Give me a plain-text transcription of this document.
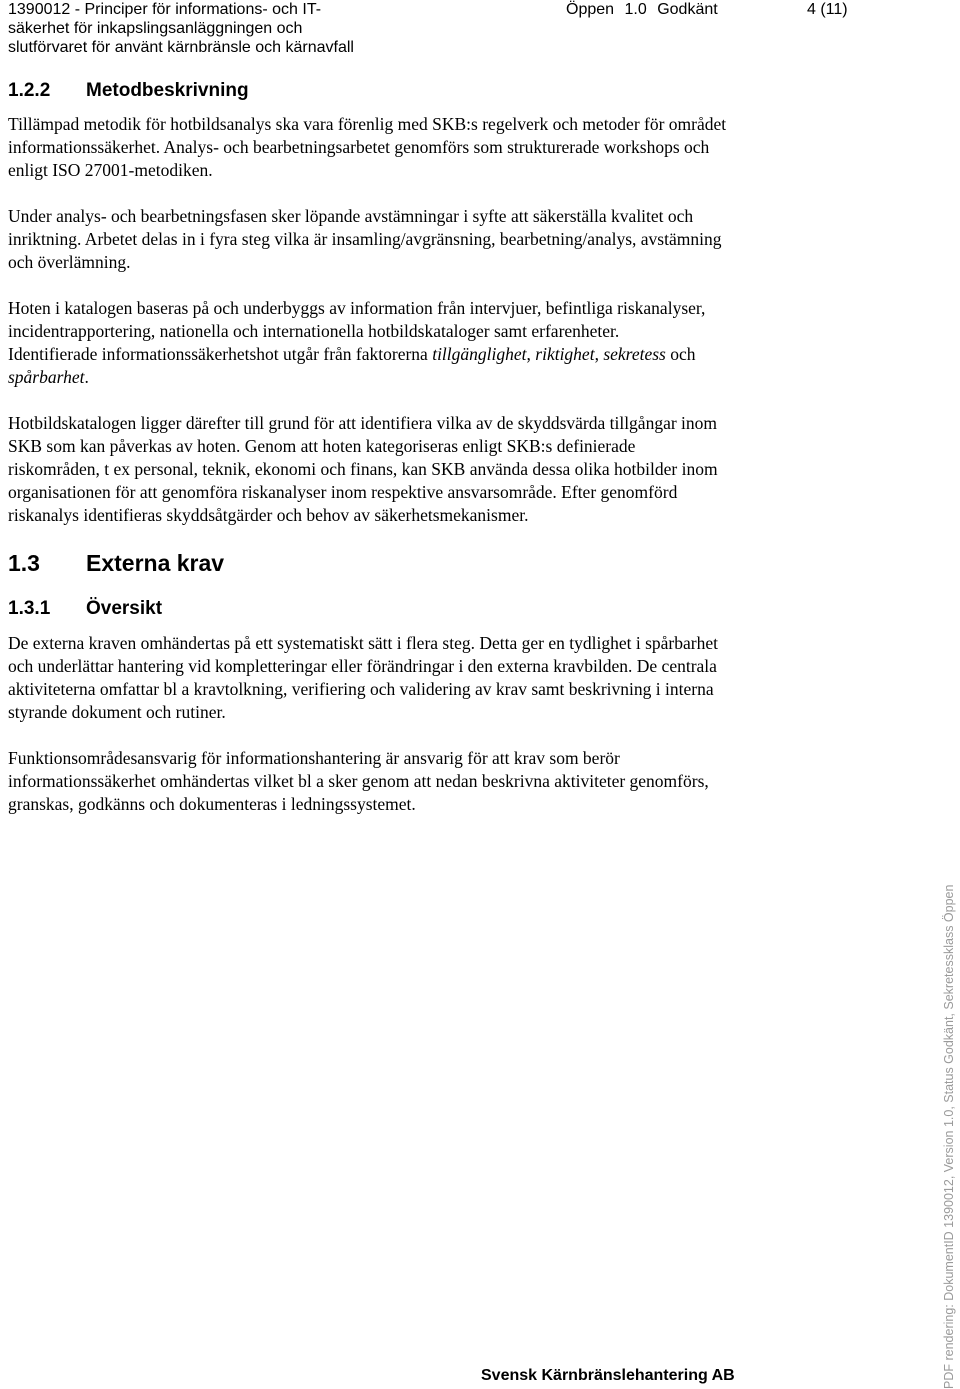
1390012 - Principer för informations- och IT-
säkerhet för inkapslingsanläggningen och
slutförvaret för använt kärnbränsle och kärnavfall
Öppen 1.0 Godkänt	4 (11)
1.2.2 Metodbeskrivning
Tillämpad metodik för hotbildsanalys ska vara förenlig med SKB:s regelverk och metoder för området
informationssäkerhet. Analys- och bearbetningsarbetet genomförs som strukturerade workshops och
enligt ISO 27001-metodiken.
Under analys- och bearbetningsfasen sker löpande avstämningar i syfte att säkerställa kvalitet och
inriktning. Arbetet delas in i fyra steg vilka är insamling/avgränsning, bearbetning/analys, avstämning
och överlämning.
Hoten i katalogen baseras på och underbyggs av information från intervjuer, befintliga riskanalyser,
incidentrapportering, nationella och internationella hotbildskataloger samt erfarenheter.
Identifierade informationssäkerhetshot utgår från faktorerna tillgänglighet, riktighet, sekretess och
spårbarhet.
Hotbildskatalogen ligger därefter till grund för att identifiera vilka av de skyddsvärda tillgångar inom
SKB som kan påverkas av hoten. Genom att hoten kategoriseras enligt SKB:s definierade
riskområden, t ex personal, teknik, ekonomi och finans, kan SKB använda dessa olika hotbilder inom
organisationen för att genomföra riskanalyser inom respektive ansvarsområde. Efter genomförd
riskanalys identifieras skyddsåtgärder och behov av säkerhetsmekanismer.
1.3 Externa krav
1.3.1 Översikt
De externa kraven omhändertas på ett systematiskt sätt i flera steg. Detta ger en tydlighet i spårbarhet
och underlättar hantering vid kompletteringar eller förändringar i den externa kravbilden. De centrala
aktiviteterna omfattar bl a kravtolkning, verifiering och validering av krav samt beskrivning i interna
styrande dokument och rutiner.
Funktionsområdesansvarig för informationshantering är ansvarig för att krav som berör
informationssäkerhet omhändertas vilket bl a sker genom att nedan beskrivna aktiviteter genomförs,
granskas, godkänns och dokumenteras i ledningssystemet.
Svensk Kärnbränslehantering AB	PDF rendering: DokumentID 1390012, Version 1.0, Status Godkänt, Sekretessklass Öppen
